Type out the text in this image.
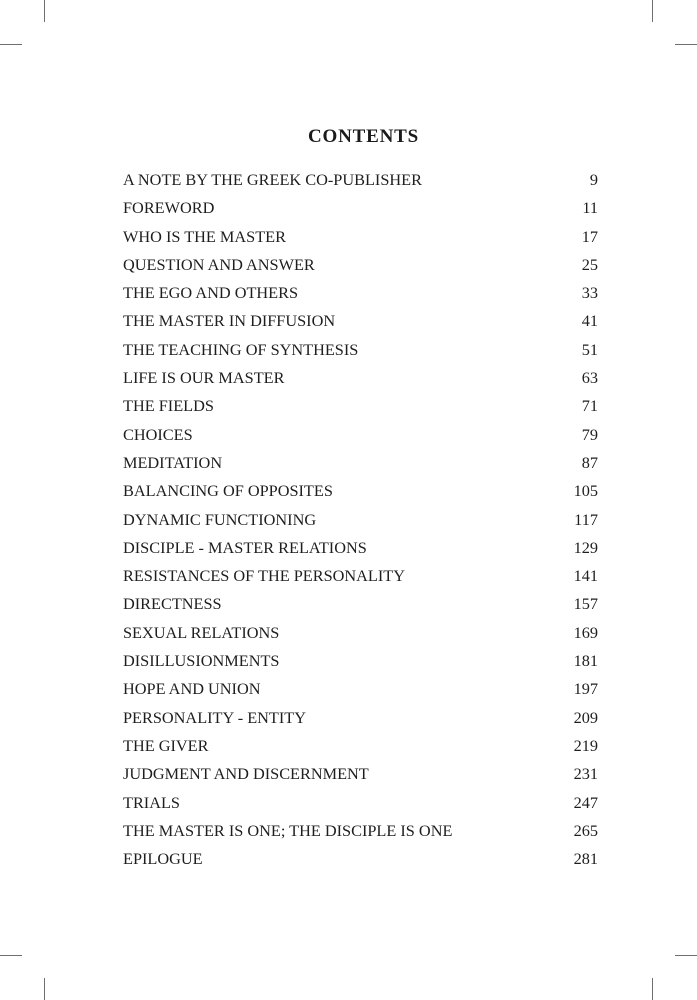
CONTENTS
A NOTE BY THE GREEK CO-PUBLISHER	9
FOREWORD	11
WHO IS THE MASTER	17
QUESTION AND ANSWER	25
THE EGO AND OTHERS	33
THE MASTER IN DIFFUSION	41
THE TEACHING OF SYNTHESIS	51
LIFE IS OUR MASTER	63
THE FIELDS	71
CHOICES	79
MEDITATION	87
BALANCING OF OPPOSITES	105
DYNAMIC FUNCTIONING	117
DISCIPLE - MASTER RELATIONS	129
RESISTANCES OF THE PERSONALITY	141
DIRECTNESS	157
SEXUAL RELATIONS	169
DISILLUSIONMENTS	181
HOPE AND UNION	197
PERSONALITY - ENTITY	209
THE GIVER	219
JUDGMENT AND DISCERNMENT	231
TRIALS	247
THE MASTER IS ONE; THE DISCIPLE IS ONE	265
EPILOGUE	281
